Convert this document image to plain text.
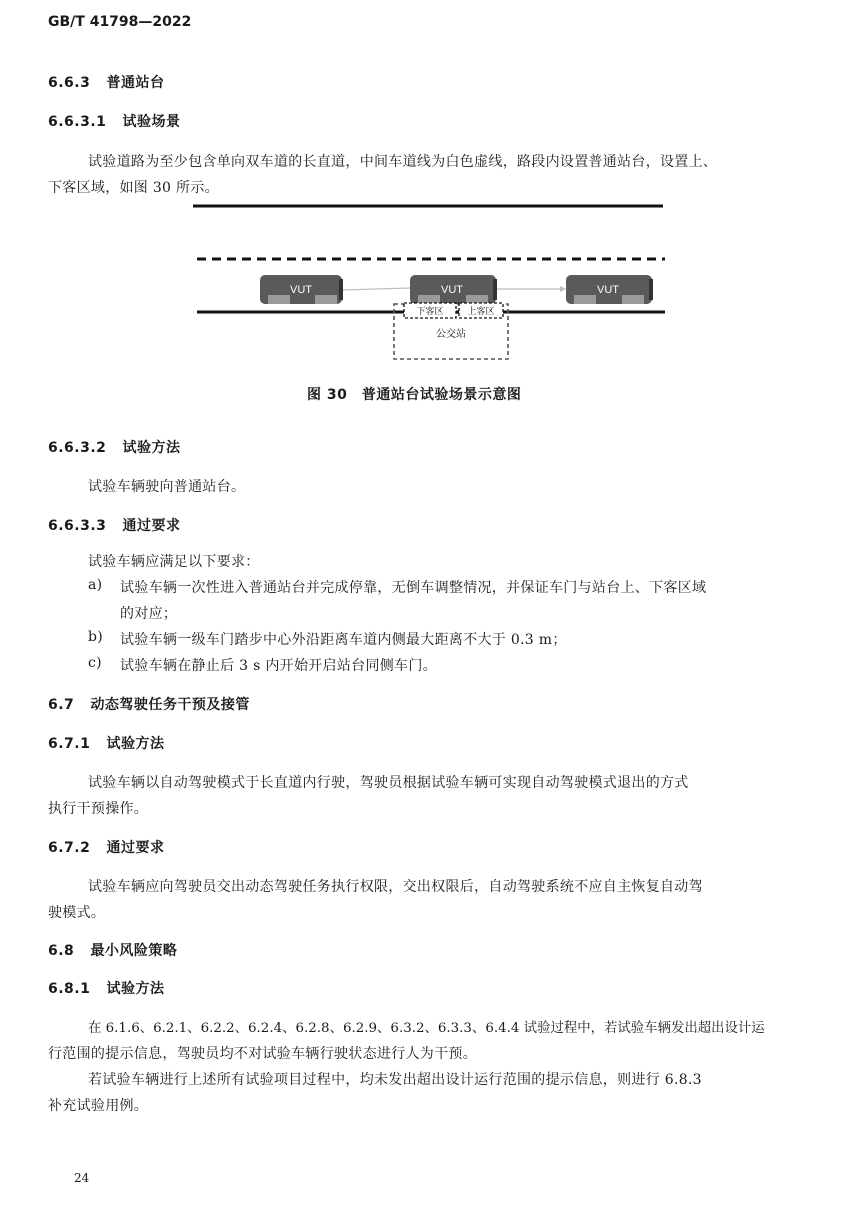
GB/T 41798—2022
6.6.3 普通站台
6.6.3.1 试验场景
试验道路为至少包含单向双车道的长直道，中间车道线为白色虚线，路段内设置普通站台，设置上、
下客区域，如图 30 所示。
VUT	VUT	VUT
下客区	上客区
公交站
图 30　普通站台试验场景示意图
6.6.3.2 试验方法
试验车辆驶向普通站台。
6.6.3.3 通过要求
试验车辆应满足以下要求：
a) 试验车辆一次性进入普通站台并完成停靠，无倒车调整情况，并保证车门与站台上、下客区域
的对应；
b) 试验车辆一级车门踏步中心外沿距离车道内侧最大距离不大于 0.3 m；
c) 试验车辆在静止后 3 s 内开始开启站台同侧车门。
6.7 动态驾驶任务干预及接管
6.7.1 试验方法
试验车辆以自动驾驶模式于长直道内行驶，驾驶员根据试验车辆可实现自动驾驶模式退出的方式
执行干预操作。
6.7.2 通过要求
试验车辆应向驾驶员交出动态驾驶任务执行权限，交出权限后，自动驾驶系统不应自主恢复自动驾
驶模式。
6.8 最小风险策略
6.8.1 试验方法
在 6.1.6、6.2.1、6.2.2、6.2.4、6.2.8、6.2.9、6.3.2、6.3.3、6.4.4 试验过程中，若试验车辆发出超出设计运
行范围的提示信息，驾驶员均不对试验车辆行驶状态进行人为干预。
若试验车辆进行上述所有试验项目过程中，均未发出超出设计运行范围的提示信息，则进行 6.8.3
补充试验用例。
24
